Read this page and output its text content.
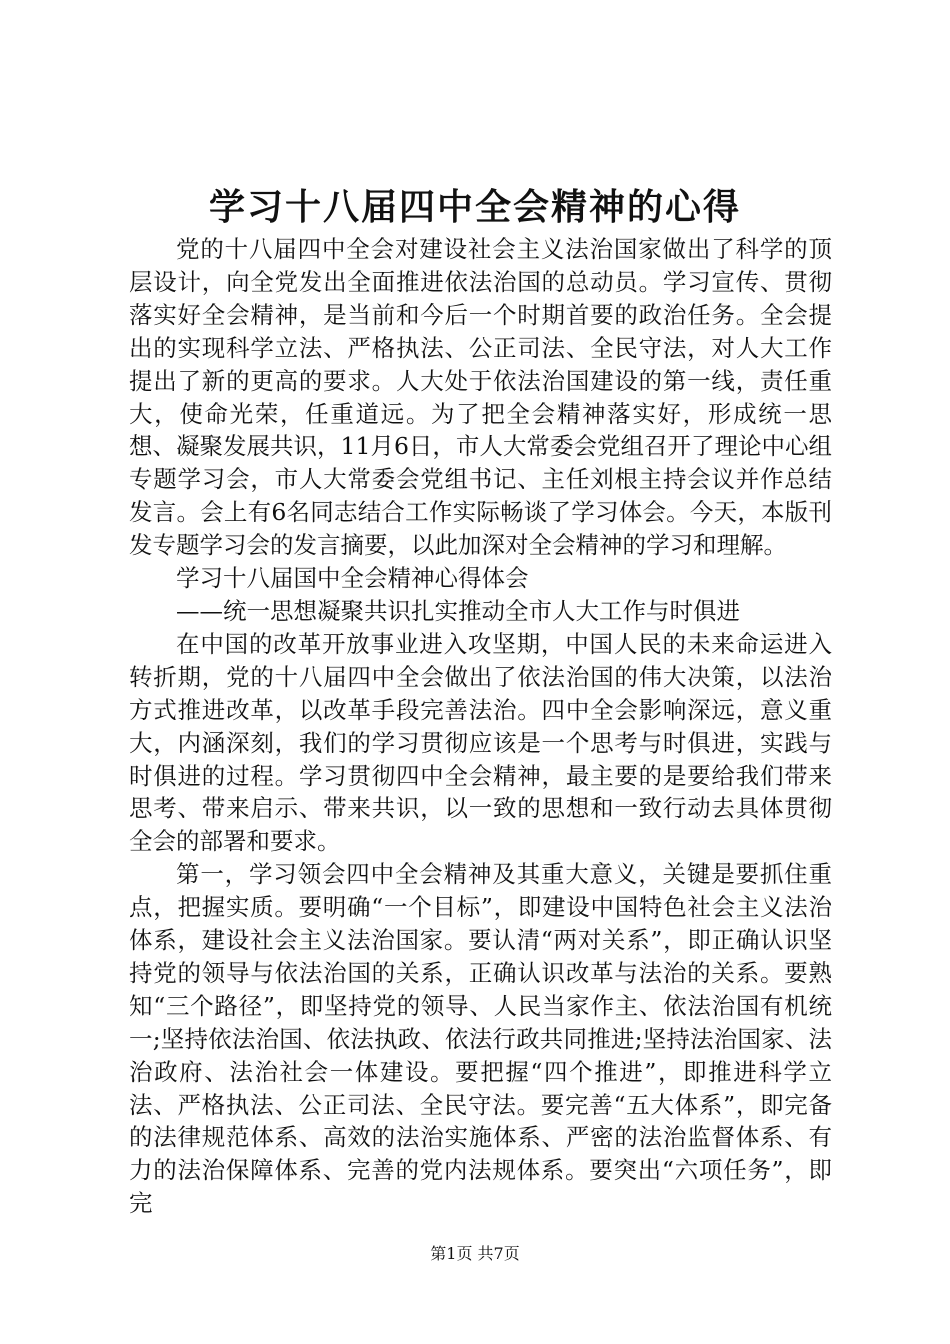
学习十八届四中全会精神的心得

党的十八届四中全会对建设社会主义法治国家做出了科学的顶层设计，向全党发出全面推进依法治国的总动员。学习宣传、贯彻落实好全会精神，是当前和今后一个时期首要的政治任务。全会提出的实现科学立法、严格执法、公正司法、全民守法，对人大工作提出了新的更高的要求。人大处于依法治国建设的第一线，责任重大，使命光荣，任重道远。为了把全会精神落实好，形成统一思想、凝聚发展共识，11月6日，市人大常委会党组召开了理论中心组专题学习会，市人大常委会党组书记、主任刘根主持会议并作总结发言。会上有6名同志结合工作实际畅谈了学习体会。今天，本版刊发专题学习会的发言摘要，以此加深对全会精神的学习和理解。

学习十八届国中全会精神心得体会

——统一思想凝聚共识扎实推动全市人大工作与时俱进

在中国的改革开放事业进入攻坚期，中国人民的未来命运进入转折期，党的十八届四中全会做出了依法治国的伟大决策，以法治方式推进改革，以改革手段完善法治。四中全会影响深远，意义重大，内涵深刻，我们的学习贯彻应该是一个思考与时俱进，实践与时俱进的过程。学习贯彻四中全会精神，最主要的是要给我们带来思考、带来启示、带来共识，以一致的思想和一致行动去具体贯彻全会的部署和要求。

第一，学习领会四中全会精神及其重大意义，关键是要抓住重点，把握实质。要明确“一个目标”，即建设中国特色社会主义法治体系，建设社会主义法治国家。要认清“两对关系”，即正确认识坚持党的领导与依法治国的关系，正确认识改革与法治的关系。要熟知“三个路径”，即坚持党的领导、人民当家作主、依法治国有机统一;坚持依法治国、依法执政、依法行政共同推进;坚持法治国家、法治政府、法治社会一体建设。要把握“四个推进”，即推进科学立法、严格执法、公正司法、全民守法。要完善“五大体系”，即完备的法律规范体系、高效的法治实施体系、严密的法治监督体系、有力的法治保障体系、完善的党内法规体系。要突出“六项任务”，即完

第1页 共7页
